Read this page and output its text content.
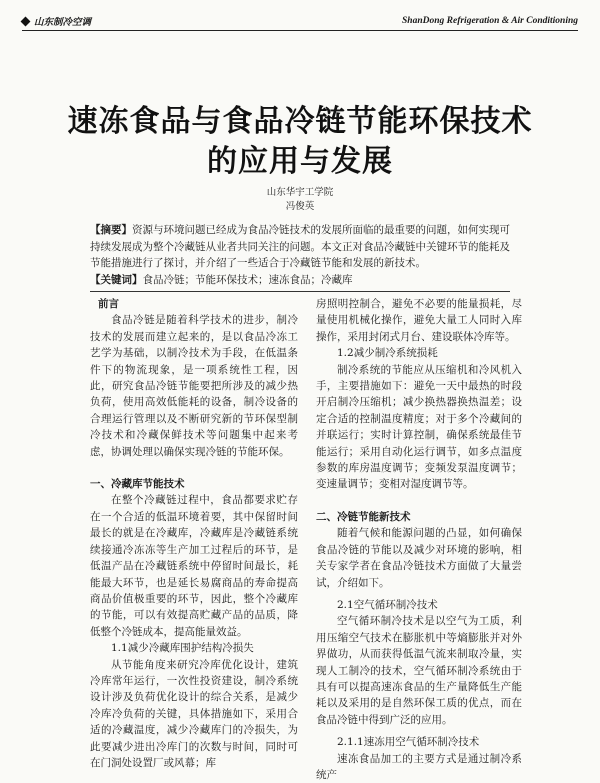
山东制冷空调	ShanDong Refrigeration & Air Conditioning
速冻食品与食品冷链节能环保技术
的应用与发展
山东华宇工学院
冯俊英
【摘要】资源与环境问题已经成为食品冷链技术的发展所面临的最重要的问题，如何实现可持续发展成为整个冷藏链从业者共同关注的问题。本文正对食品冷藏链中关键环节的能耗及节能措施进行了探讨，并介绍了一些适合于冷藏链节能和发展的新技术。
【关键词】食品冷链；节能环保技术；速冻食品；冷藏库

前言

食品冷链是随着科学技术的进步，制冷技术的发展而建立起来的，是以食品冷冻工艺学为基础，以制冷技术为手段，在低温条件下的物流现象，是一项系统性工程，因此，研究食品冷链节能要把所涉及的减少热负荷，使用高效低能耗的设备，制冷设备的合理运行管理以及不断研究新的节环保型制冷技术和冷藏保鲜技术等问题集中起来考虑，协调处理以确保实现冷链的节能环保。

一、冷藏库节能技术

在整个冷藏链过程中，食品都要求贮存在一个合适的低温环境着要，其中保留时间最长的就是在冷藏库，冷藏库是冷藏链系统续接通冷冻冻等生产加工过程后的环节，是低温产品在冷藏链系统中停留时间最长，耗能最大环节，也是延长易腐商品的寿命提高商品价值极重要的环节，因此，整个冷藏库的节能，可以有效提高贮藏产品的品质，降低整个冷链成本，提高能量效益。

1.1减少冷藏库围护结构冷损失

从节能角度来研究冷库优化设计，建筑冷库常年运行，一次性投资建设，制冷系统设计涉及负荷优化设计的综合关系，是减少冷库冷负荷的关键，具体措施如下，采用合适的冷藏温度，减少冷藏库门的冷损失，为此要减少进出冷库门的次数与时间，同时可在门洞处设置厂或风幕；库

房照明控制合，避免不必要的能量损耗，尽量使用机械化操作，避免大量工人同时入库操作，采用封闭式月台、建设联体冷库等。

1.2减少制冷系统损耗

制冷系统的节能应从压缩机和冷风机入手，主要措施如下：避免一天中最热的时段开启制冷压缩机；减少换热器换热温差；设定合适的控制温度精度；对于多个冷藏间的并联运行；实时计算控制，确保系统最佳节能运行；采用自动化运行调节，如多点温度参数的库房温度调节；变频发泵温度调节；变速量调节；变相对湿度调节等。

二、冷链节能新技术

随着气候和能源问题的凸显，如何确保食品冷链的节能以及减少对环境的影响，相关专家学者在食品冷链技术方面做了大量尝试，介绍如下。

2.1空气循环制冷技术

空气循环制冷技术是以空气为工质，利用压缩空气技术在膨胀机中等熵膨胀并对外界做功，从而获得低温气流来制取冷量，实现人工制冷的技术，空气循环制冷系统由于具有可以提高速冻食品的生产量降低生产能耗以及采用的是自然环保工质的优点，而在食品冷链中得到广泛的应用。

2.1.1速冻用空气循环制冷技术

速冻食品加工的主要方式是通过制冷系统产
